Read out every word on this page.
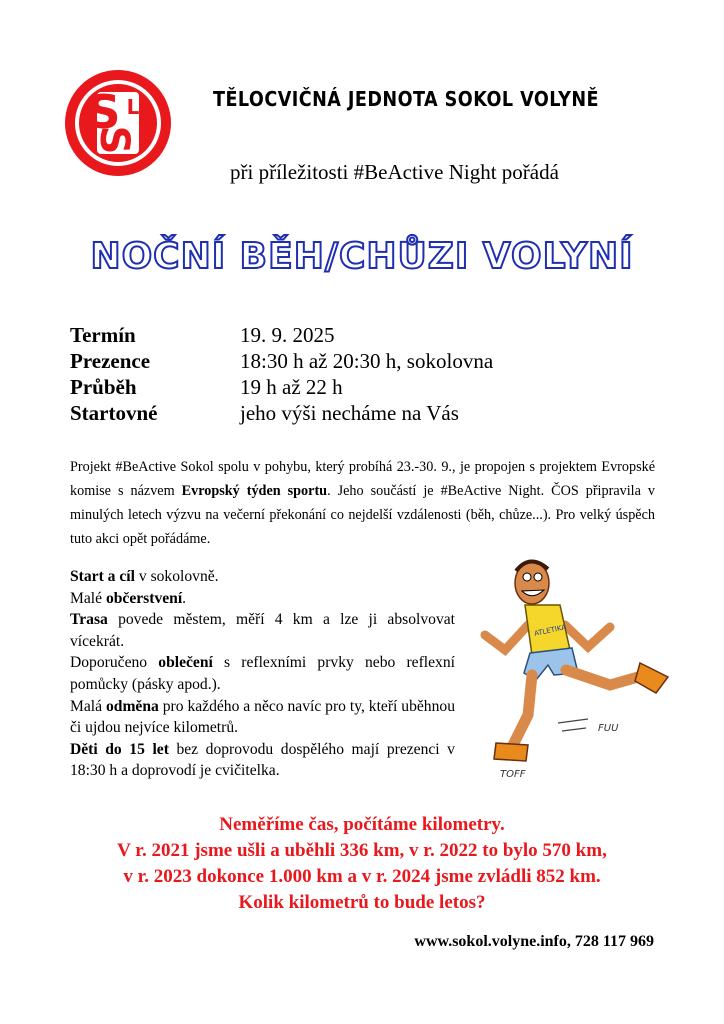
S L
S
TĚLOCVIČNÁ JEDNOTA SOKOL VOLYNĚ
při příležitosti #BeActive Night pořádá
NOČNÍ BĚH/CHŮZI VOLYNÍ
Termín	19. 9. 2025
Prezence	18:30 h až 20:30 h, sokolovna
Průběh	19 h až 22 h
Startovné	jeho výši necháme na Vás
Projekt #BeActive Sokol spolu v pohybu, který probíhá 23.-30. 9., je propojen s projektem Evropské komise s názvem Evropský týden sportu. Jeho součástí je #BeActive Night. ČOS připravila v minulých letech výzvu na večerní překonání co nejdelší vzdálenosti (běh, chůze...). Pro velký úspěch tuto akci opět pořádáme.

Start a cíl v sokolovně.

Malé občerstvení.

Trasa povede městem, měří 4 km a lze ji absolvovat vícekrát.

Doporučeno oblečení s reflexními prvky nebo reflexní pomůcky (pásky apod.).

Malá odměna pro každého a něco navíc pro ty, kteří uběhnou či ujdou nejvíce kilometrů.

Děti do 15 let bez doprovodu dospělého mají prezenci v 18:30 h a doprovodí je cvičitelka.

ATLETIKA
FUU
TOFF
Neměříme čas, počítáme kilometry.
V r. 2021 jsme ušli a uběhli 336 km, v r. 2022 to bylo 570 km,
v r. 2023 dokonce 1.000 km a v r. 2024 jsme zvládli 852 km.
Kolik kilometrů to bude letos?
www.sokol.volyne.info, 728 117 969
